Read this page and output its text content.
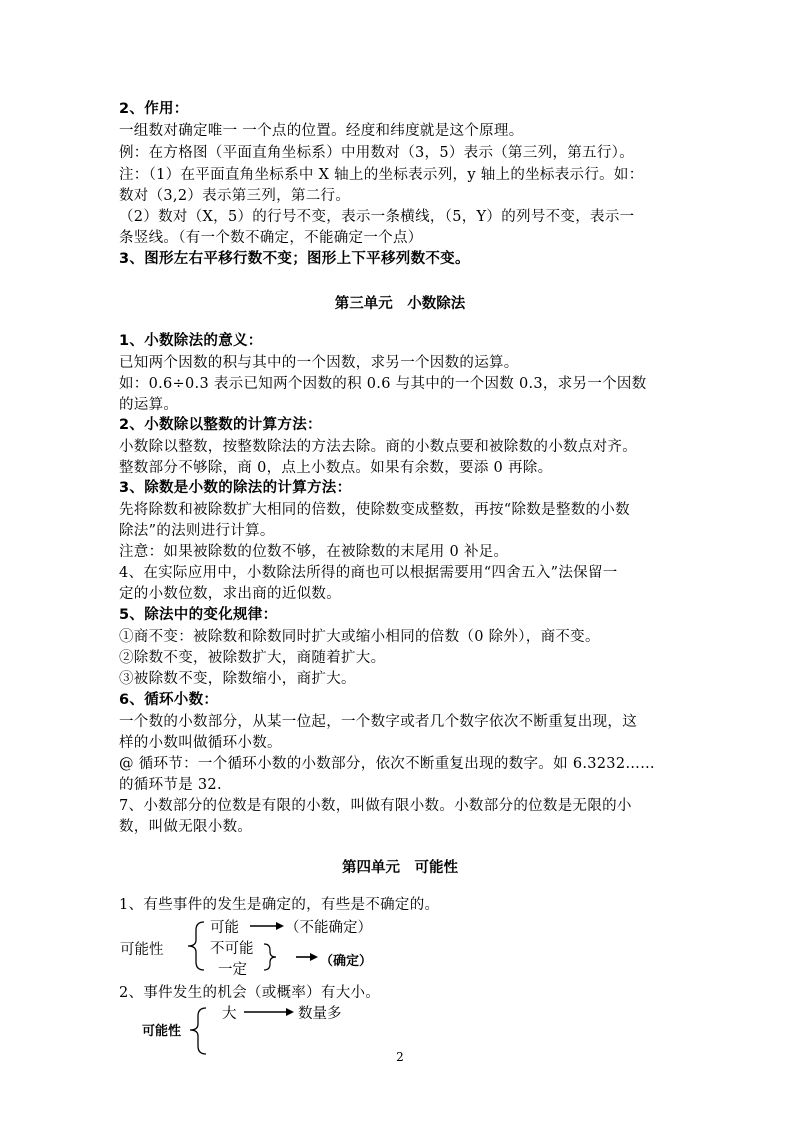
2、作用：
一组数对确定唯一 一个点的位置。经度和纬度就是这个原理。
例：在方格图（平面直角坐标系）中用数对（3，5）表示（第三列，第五行）。
注：（1）在平面直角坐标系中 X 轴上的坐标表示列，y 轴上的坐标表示行。如：
数对（3,2）表示第三列，第二行。
（2）数对（X，5）的行号不变，表示一条横线，（5，Y）的列号不变，表示一
条竖线。（有一个数不确定，不能确定一个点）
3、图形左右平移行数不变；图形上下平移列数不变。
第三单元　小数除法
1、小数除法的意义：
已知两个因数的积与其中的一个因数，求另一个因数的运算。
如：0.6÷0.3 表示已知两个因数的积 0.6 与其中的一个因数 0.3，求另一个因数
的运算。
2、小数除以整数的计算方法：
小数除以整数，按整数除法的方法去除。商的小数点要和被除数的小数点对齐。
整数部分不够除，商 0，点上小数点。如果有余数，要添 0 再除。
3、除数是小数的除法的计算方法：
先将除数和被除数扩大相同的倍数，使除数变成整数，再按“除数是整数的小数
除法”的法则进行计算。
注意：如果被除数的位数不够，在被除数的末尾用 0 补足。
4、在实际应用中，小数除法所得的商也可以根据需要用“四舍五入”法保留一
定的小数位数，求出商的近似数。
5、除法中的变化规律：
①商不变：被除数和除数同时扩大或缩小相同的倍数（0 除外），商不变。
②除数不变，被除数扩大，商随着扩大。
③被除数不变，除数缩小，商扩大。
6、循环小数：
一个数的小数部分，从某一位起，一个数字或者几个数字依次不断重复出现，这
样的小数叫做循环小数。
@ 循环节：一个循环小数的小数部分，依次不断重复出现的数字。如 6.3232……
的循环节是 32.
7、小数部分的位数是有限的小数，叫做有限小数。小数部分的位数是无限的小
数，叫做无限小数。
第四单元　可能性
1、有些事件的发生是确定的，有些是不确定的。
可能性
可能	（不能确定）
不可能
一定
（确定）
2、事件发生的机会（或概率）有大小。
可能性
大	数量多
2
